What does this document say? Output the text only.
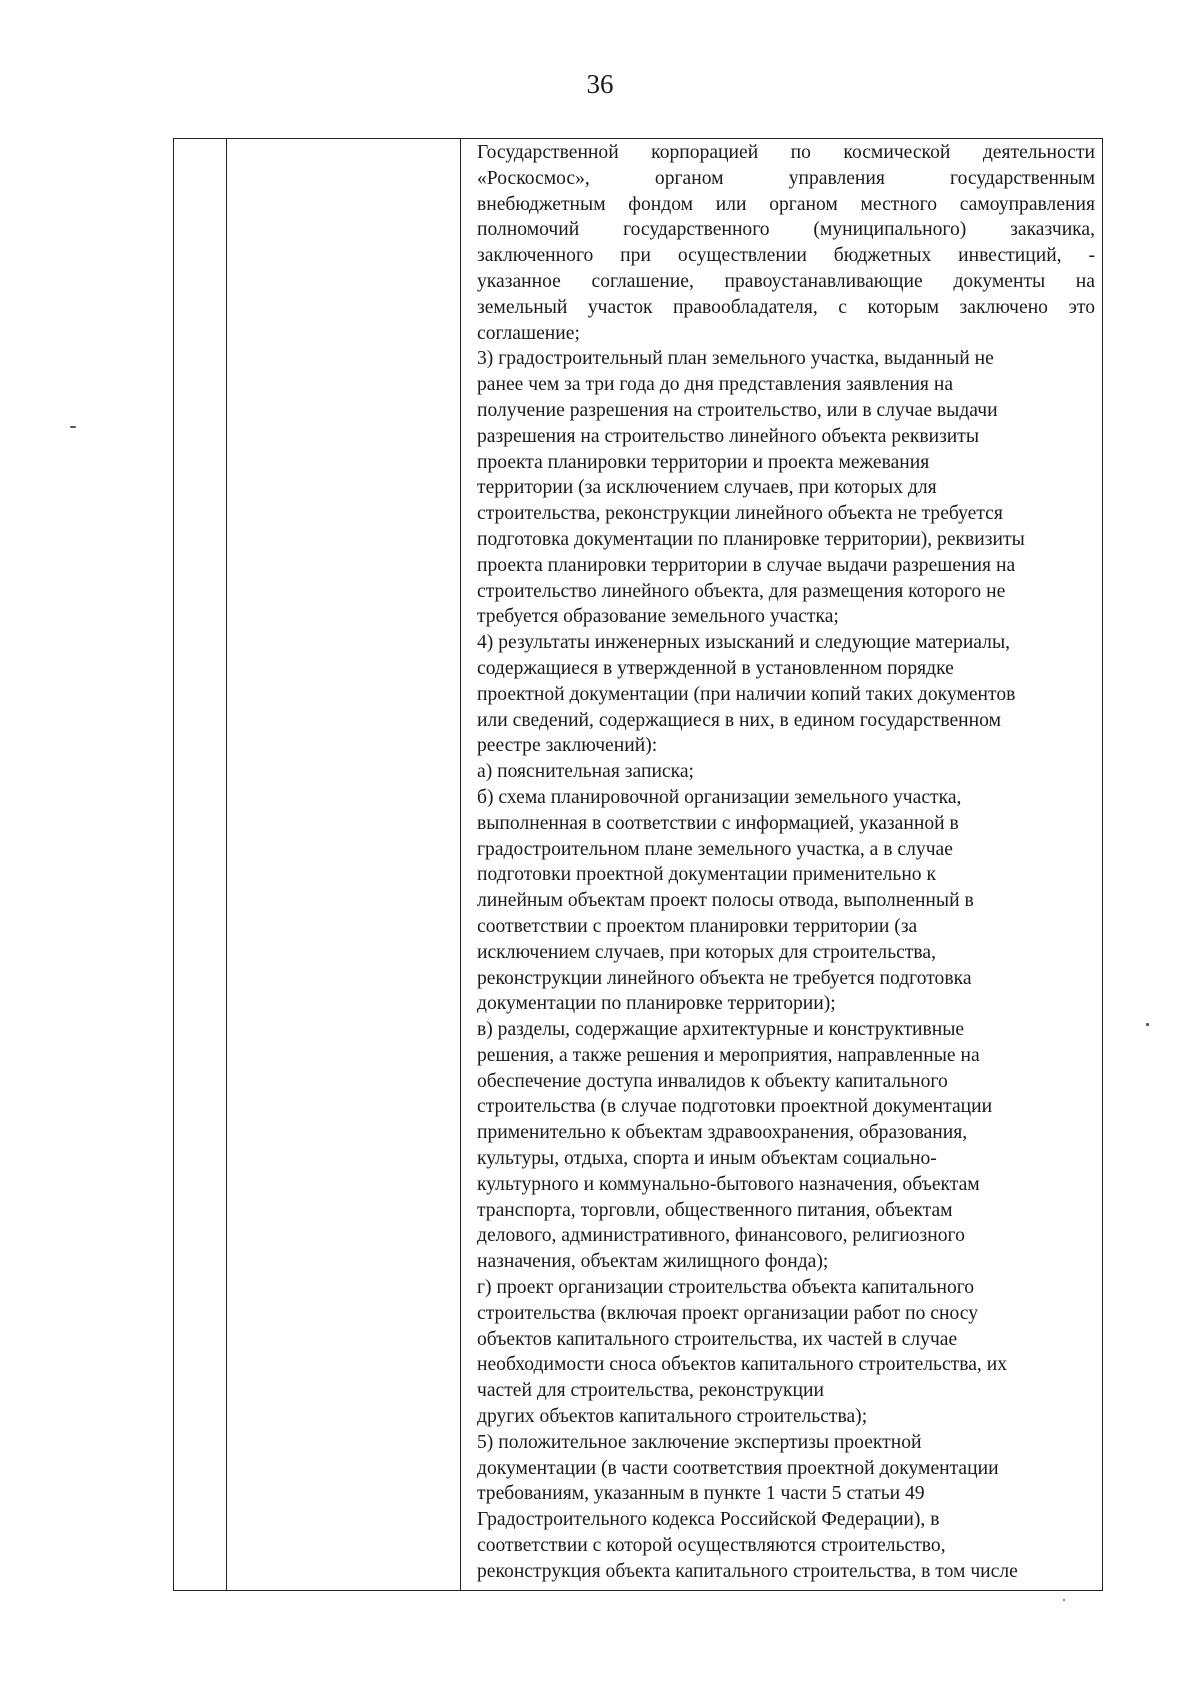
36
Государственной корпорацией по космической деятельности
«Роскосмос», органом управления государственным
внебюджетным фондом или органом местного самоуправления
полномочий государственного (муниципального) заказчика,
заключенного при осуществлении бюджетных инвестиций, -
указанное соглашение, правоустанавливающие документы на
земельный участок правообладателя, с которым заключено это
соглашение;
3) градостроительный план земельного участка, выданный не
ранее чем за три года до дня представления заявления на
получение разрешения на строительство, или в случае выдачи
разрешения на строительство линейного объекта реквизиты
проекта планировки территории и проекта межевания
территории (за исключением случаев, при которых для
строительства, реконструкции линейного объекта не требуется
подготовка документации по планировке территории), реквизиты
проекта планировки территории в случае выдачи разрешения на
строительство линейного объекта, для размещения которого не
требуется образование земельного участка;
4) результаты инженерных изысканий и следующие материалы,
содержащиеся в утвержденной в установленном порядке
проектной документации (при наличии копий таких документов
или сведений, содержащиеся в них, в едином государственном
реестре заключений):
а) пояснительная записка;
б) схема планировочной организации земельного участка,
выполненная в соответствии с информацией, указанной в
градостроительном плане земельного участка, а в случае
подготовки проектной документации применительно к
линейным объектам проект полосы отвода, выполненный в
соответствии с проектом планировки территории (за
исключением случаев, при которых для строительства,
реконструкции линейного объекта не требуется подготовка
документации по планировке территории);
в) разделы, содержащие архитектурные и конструктивные
решения, а также решения и мероприятия, направленные на
обеспечение доступа инвалидов к объекту капитального
строительства (в случае подготовки проектной документации
применительно к объектам здравоохранения, образования,
культуры, отдыха, спорта и иным объектам социально-
культурного и коммунально-бытового назначения, объектам
транспорта, торговли, общественного питания, объектам
делового, административного, финансового, религиозного
назначения, объектам жилищного фонда);
г) проект организации строительства объекта капитального
строительства (включая проект организации работ по сносу
объектов капитального строительства, их частей в случае
необходимости сноса объектов капитального строительства, их
частей для строительства, реконструкции
других объектов капитального строительства);
5) положительное заключение экспертизы проектной
документации (в части соответствия проектной документации
требованиям, указанным в пункте 1 части 5 статьи 49
Градостроительного кодекса Российской Федерации), в
соответствии с которой осуществляются строительство,
реконструкция объекта капитального строительства, в том числе
